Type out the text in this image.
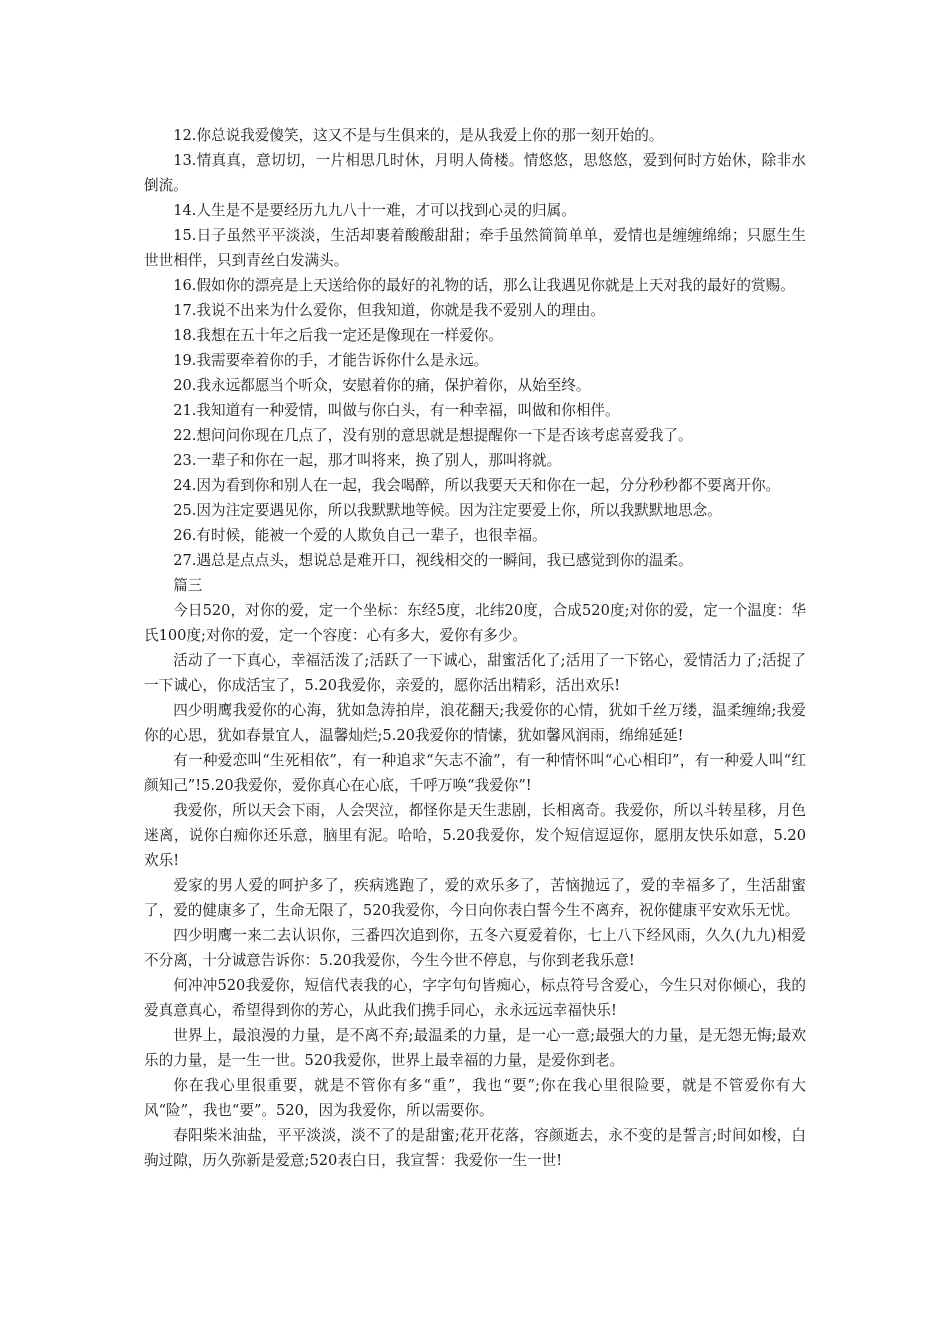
12.你总说我爱傻笑，这又不是与生俱来的，是从我爱上你的那一刻开始的。

13.情真真，意切切，一片相思几时休，月明人倚楼。情悠悠，思悠悠，爱到何时方始休，除非水倒流。

14.人生是不是要经历九九八十一难，才可以找到心灵的归属。

15.日子虽然平平淡淡，生活却裹着酸酸甜甜；牵手虽然简简单单，爱情也是缠缠绵绵；只愿生生世世相伴，只到青丝白发满头。

16.假如你的漂亮是上天送给你的最好的礼物的话，那么让我遇见你就是上天对我的最好的赏赐。

17.我说不出来为什么爱你，但我知道，你就是我不爱别人的理由。

18.我想在五十年之后我一定还是像现在一样爱你。

19.我需要牵着你的手，才能告诉你什么是永远。

20.我永远都愿当个听众，安慰着你的痛，保护着你，从始至终。

21.我知道有一种爱情，叫做与你白头，有一种幸福，叫做和你相伴。

22.想问问你现在几点了，没有别的意思就是想提醒你一下是否该考虑喜爱我了。

23.一辈子和你在一起，那才叫将来，换了别人，那叫将就。

24.因为看到你和别人在一起，我会喝醉，所以我要天天和你在一起，分分秒秒都不要离开你。

25.因为注定要遇见你，所以我默默地等候。因为注定要爱上你，所以我默默地思念。

26.有时候，能被一个爱的人欺负自己一辈子，也很幸福。

27.遇总是点点头，想说总是难开口，视线相交的一瞬间，我已感觉到你的温柔。

篇三

今日520，对你的爱，定一个坐标：东经5度，北纬20度，合成520度;对你的爱，定一个温度：华氏100度;对你的爱，定一个容度：心有多大，爱你有多少。

活动了一下真心，幸福活泼了;活跃了一下诚心，甜蜜活化了;活用了一下铭心，爱情活力了;活捉了一下诚心，你成活宝了，5.20我爱你，亲爱的，愿你活出精彩，活出欢乐!

四少明鹰我爱你的心海，犹如急涛拍岸，浪花翻天;我爱你的心情，犹如千丝万缕，温柔缠绵;我爱你的心思，犹如春景宜人，温馨灿烂;5.20我爱你的情愫，犹如馨风润雨，绵绵延延!

有一种爱恋叫“生死相依”，有一种追求“矢志不渝”，有一种情怀叫“心心相印”，有一种爱人叫“红颜知己”!5.20我爱你，爱你真心在心底，千呼万唤“我爱你”!

我爱你，所以天会下雨，人会哭泣，都怪你是天生悲剧，长相离奇。我爱你，所以斗转星移，月色迷离，说你白痴你还乐意，脑里有泥。哈哈，5.20我爱你，发个短信逗逗你，愿朋友快乐如意，5.20欢乐!

爱家的男人爱的呵护多了，疾病逃跑了，爱的欢乐多了，苦恼抛远了，爱的幸福多了，生活甜蜜了，爱的健康多了，生命无限了，520我爱你，今日向你表白誓今生不离弃，祝你健康平安欢乐无忧。

四少明鹰一来二去认识你，三番四次追到你，五冬六夏爱着你，七上八下经风雨，久久(九九)相爱不分离，十分诚意告诉你：5.20我爱你，今生今世不停息，与你到老我乐意!

何冲冲520我爱你，短信代表我的心，字字句句皆痴心，标点符号含爱心，今生只对你倾心，我的爱真意真心，希望得到你的芳心，从此我们携手同心，永永远远幸福快乐!

世界上，最浪漫的力量，是不离不弃;最温柔的力量，是一心一意;最强大的力量，是无怨无悔;最欢乐的力量，是一生一世。520我爱你，世界上最幸福的力量，是爱你到老。

你在我心里很重要，就是不管你有多“重”，我也“要”;你在我心里很险要，就是不管爱你有大风“险”，我也“要”。520，因为我爱你，所以需要你。

春阳柴米油盐，平平淡淡，淡不了的是甜蜜;花开花落，容颜逝去，永不变的是誓言;时间如梭，白驹过隙，历久弥新是爱意;520表白日，我宣誓：我爱你一生一世!
